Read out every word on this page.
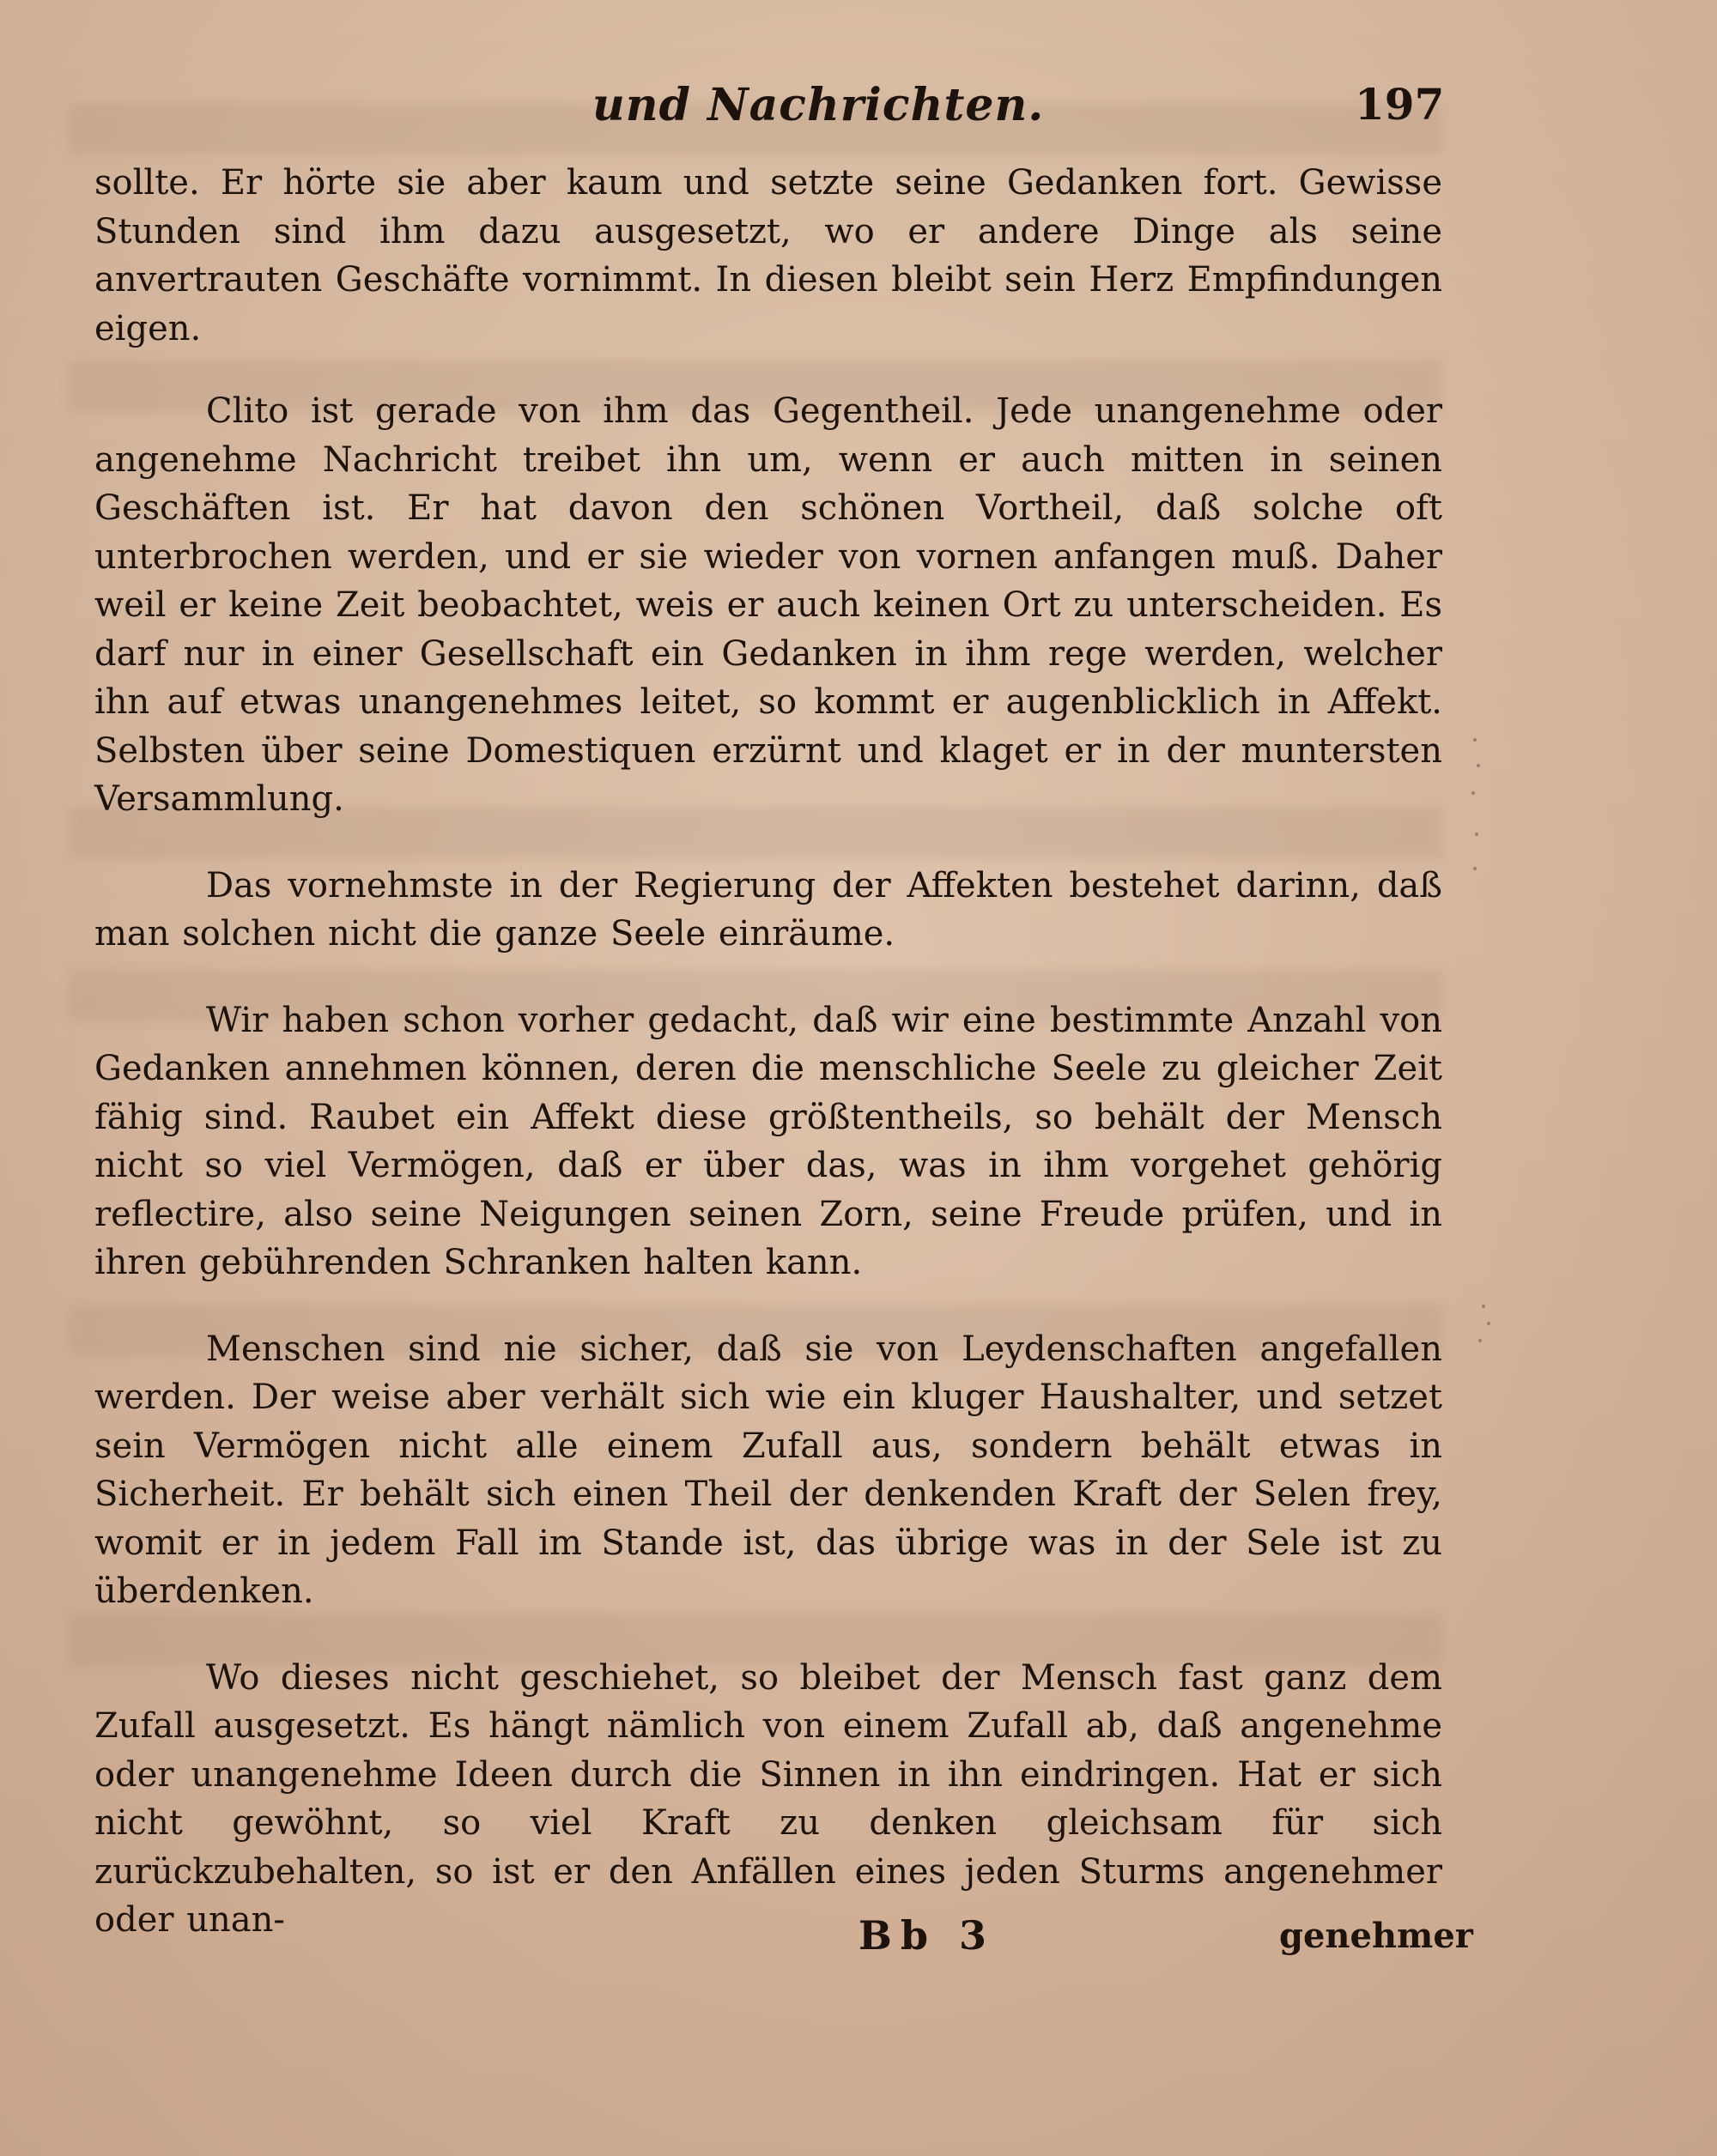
und Nachrichten.	197

sollte. Er hörte sie aber kaum und setzte seine Gedanken fort. Gewisse Stunden sind ihm dazu ausgesetzt, wo er andere Dinge als seine anvertrauten Geschäfte vornimmt. In diesen bleibt sein Herz Empfindungen eigen.

Clito ist gerade von ihm das Gegentheil. Jede unangenehme oder angenehme Nachricht treibet ihn um, wenn er auch mitten in seinen Geschäften ist. Er hat davon den schönen Vortheil, daß solche oft unterbrochen werden, und er sie wieder von vornen anfangen muß. Daher weil er keine Zeit beobachtet, weis er auch keinen Ort zu unterscheiden. Es darf nur in einer Gesellschaft ein Gedanken in ihm rege werden, welcher ihn auf etwas unangenehmes leitet, so kommt er augenblicklich in Affekt. Selbsten über seine Domestiquen erzürnt und klaget er in der muntersten Versammlung.

Das vornehmste in der Regierung der Affekten bestehet darinn, daß man solchen nicht die ganze Seele einräume.

Wir haben schon vorher gedacht, daß wir eine bestimmte Anzahl von Gedanken annehmen können, deren die menschliche Seele zu gleicher Zeit fähig sind. Raubet ein Affekt diese größtentheils, so behält der Mensch nicht so viel Vermögen, daß er über das, was in ihm vorgehet gehörig reflectire, also seine Neigungen seinen Zorn, seine Freude prüfen, und in ihren gebührenden Schranken halten kann.

Menschen sind nie sicher, daß sie von Leydenschaften angefallen werden. Der weise aber verhält sich wie ein kluger Haushalter, und setzet sein Vermögen nicht alle einem Zufall aus, sondern behält etwas in Sicherheit. Er behält sich einen Theil der denkenden Kraft der Selen frey, womit er in jedem Fall im Stande ist, das übrige was in der Sele ist zu überdenken.

Wo dieses nicht geschiehet, so bleibet der Mensch fast ganz dem Zufall ausgesetzt. Es hängt nämlich von einem Zufall ab, daß angenehme oder unangenehme Ideen durch die Sinnen in ihn eindringen. Hat er sich nicht gewöhnt, so viel Kraft zu denken gleichsam für sich zurückzubehalten, so ist er den Anfällen eines jeden Sturms angenehmer oder unan-	Bb 3	genehmer
